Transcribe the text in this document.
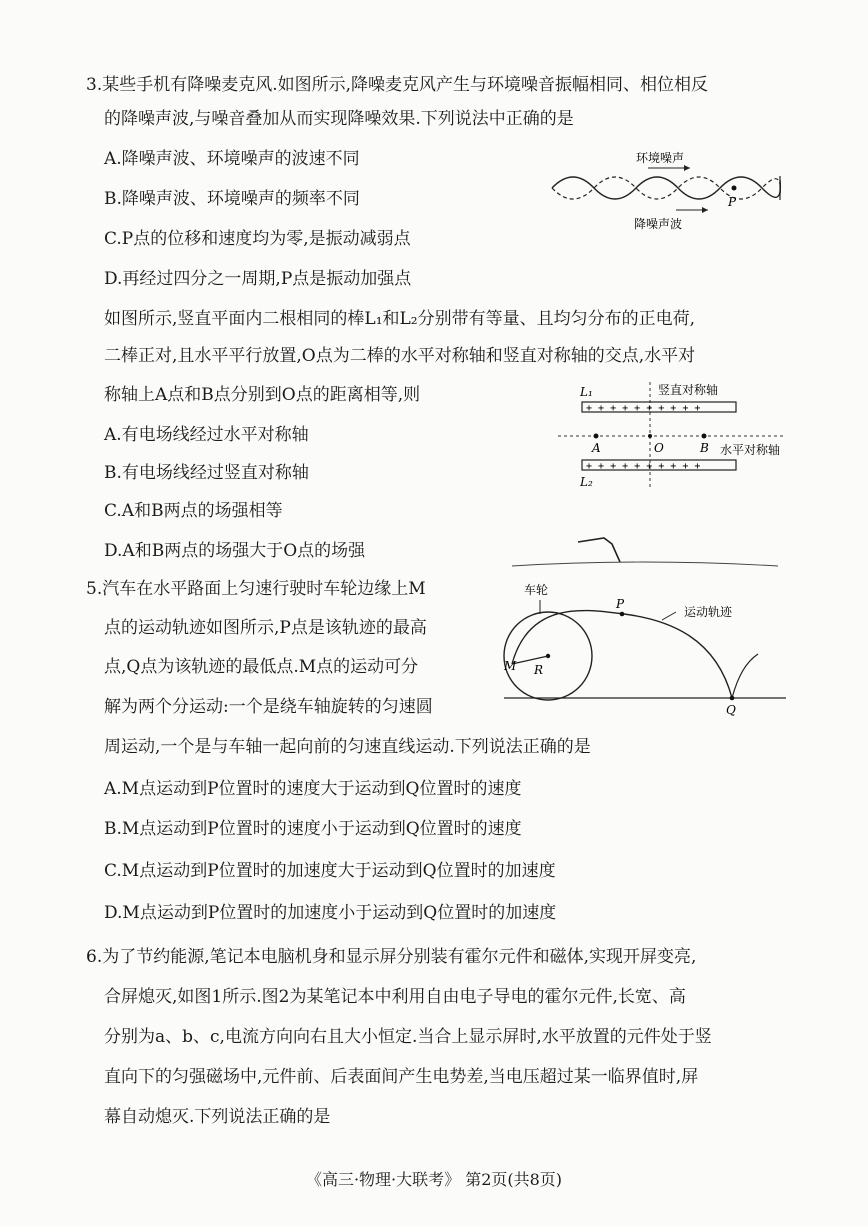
3.某些手机有降噪麦克风.如图所示,降噪麦克风产生与环境噪音振幅相同、相位相反
的降噪声波,与噪音叠加从而实现降噪效果.下列说法中正确的是
A.降噪声波、环境噪声的波速不同
B.降噪声波、环境噪声的频率不同
C.P点的位移和速度均为零,是振动减弱点
D.再经过四分之一周期,P点是振动加强点
环境噪声
P
降噪声波
如图所示,竖直平面内二根相同的棒L₁和L₂分别带有等量、且均匀分布的正电荷,
二棒正对,且水平平行放置,O点为二棒的水平对称轴和竖直对称轴的交点,水平对
称轴上A点和B点分别到O点的距离相等,则
A.有电场线经过水平对称轴
B.有电场线经过竖直对称轴
C.A和B两点的场强相等
D.A和B两点的场强大于O点的场强
L₁	竖直对称轴
+ + + + + + + + + +
A	O	B 水平对称轴
+ + + + + + + + + +
L₂
5.汽车在水平路面上匀速行驶时车轮边缘上M
点的运动轨迹如图所示,P点是该轨迹的最高
点,Q点为该轨迹的最低点.M点的运动可分
解为两个分运动:一个是绕车轴旋转的匀速圆
周运动,一个是与车轴一起向前的匀速直线运动.下列说法正确的是
A.M点运动到P位置时的速度大于运动到Q位置时的速度
B.M点运动到P位置时的速度小于运动到Q位置时的速度
C.M点运动到P位置时的加速度大于运动到Q位置时的加速度
D.M点运动到P位置时的加速度小于运动到Q位置时的加速度
车轮
M R
P
运动轨迹
Q
6.为了节约能源,笔记本电脑机身和显示屏分别装有霍尔元件和磁体,实现开屏变亮,
合屏熄灭,如图1所示.图2为某笔记本中利用自由电子导电的霍尔元件,长宽、高
分别为a、b、c,电流方向向右且大小恒定.当合上显示屏时,水平放置的元件处于竖
直向下的匀强磁场中,元件前、后表面间产生电势差,当电压超过某一临界值时,屏
幕自动熄灭.下列说法正确的是
《高三·物理·大联考》 第2页(共8页)
